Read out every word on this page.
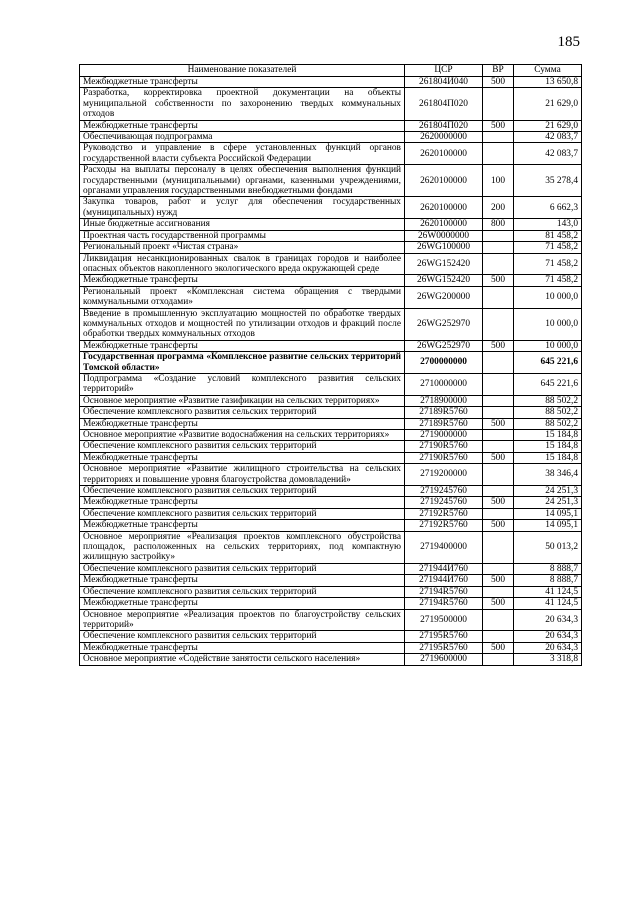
185
Наименование показателей	ЦСР	ВР	Сумма
Межбюджетные трансферты	261804И040	500	13 650,8
Разработка, корректировка проектной документации на объекты муниципальной собственности по захоронению твердых коммунальных отходов	261804П020		21 629,0
Межбюджетные трансферты	261804П020	500	21 629,0
Обеспечивающая подпрограмма	2620000000		42 083,7
Руководство и управление в сфере установленных функций органов государственной власти субъекта Российской Федерации	2620100000		42 083,7
Расходы на выплаты персоналу в целях обеспечения выполнения функций государственными (муниципальными) органами, казенными учреждениями, органами управления государственными внебюджетными фондами	2620100000	100	35 278,4
Закупка товаров, работ и услуг для обеспечения государственных (муниципальных) нужд	2620100000	200	6 662,3
Иные бюджетные ассигнования	2620100000	800	143,0
Проектная часть государственной программы	26W0000000		81 458,2
Региональный проект «Чистая страна»	26WG100000		71 458,2
Ликвидация несанкционированных свалок в границах городов и наиболее опасных объектов накопленного экологического вреда окружающей среде	26WG152420		71 458,2
Межбюджетные трансферты	26WG152420	500	71 458,2
Региональный проект «Комплексная система обращения с твердыми коммунальными отходами»	26WG200000		10 000,0
Введение в промышленную эксплуатацию мощностей по обработке твердых коммунальных отходов и мощностей по утилизации отходов и фракций после обработки твердых коммунальных отходов	26WG252970		10 000,0
Межбюджетные трансферты	26WG252970	500	10 000,0
Государственная программа «Комплексное развитие сельских территорий Томской области»	2700000000		645 221,6
Подпрограмма «Создание условий комплексного развития сельских территорий»	2710000000		645 221,6
Основное мероприятие «Развитие газификации на сельских территориях»	2718900000		88 502,2
Обеспечение комплексного развития сельских территорий	27189R5760		88 502,2
Межбюджетные трансферты	27189R5760	500	88 502,2
Основное мероприятие «Развитие водоснабжения на сельских территориях»	2719000000		15 184,8
Обеспечение комплексного развития сельских территорий	27190R5760		15 184,8
Межбюджетные трансферты	27190R5760	500	15 184,8
Основное мероприятие «Развитие жилищного строительства на сельских территориях и повышение уровня благоустройства домовладений»	2719200000		38 346,4
Обеспечение комплексного развития сельских территорий	2719245760		24 251,3
Межбюджетные трансферты	2719245760	500	24 251,3
Обеспечение комплексного развития сельских территорий	27192R5760		14 095,1
Межбюджетные трансферты	27192R5760	500	14 095,1
Основное мероприятие «Реализация проектов комплексного обустройства площадок, расположенных на сельских территориях, под компактную жилищную застройку»	2719400000		50 013,2
Обеспечение комплексного развития сельских территорий	271944И760		8 888,7
Межбюджетные трансферты	271944И760	500	8 888,7
Обеспечение комплексного развития сельских территорий	27194R5760		41 124,5
Межбюджетные трансферты	27194R5760	500	41 124,5
Основное мероприятие «Реализация проектов по благоустройству сельских территорий»	2719500000		20 634,3
Обеспечение комплексного развития сельских территорий	27195R5760		20 634,3
Межбюджетные трансферты	27195R5760	500	20 634,3
Основное мероприятие «Содействие занятости сельского населения»	2719600000		3 318,8
